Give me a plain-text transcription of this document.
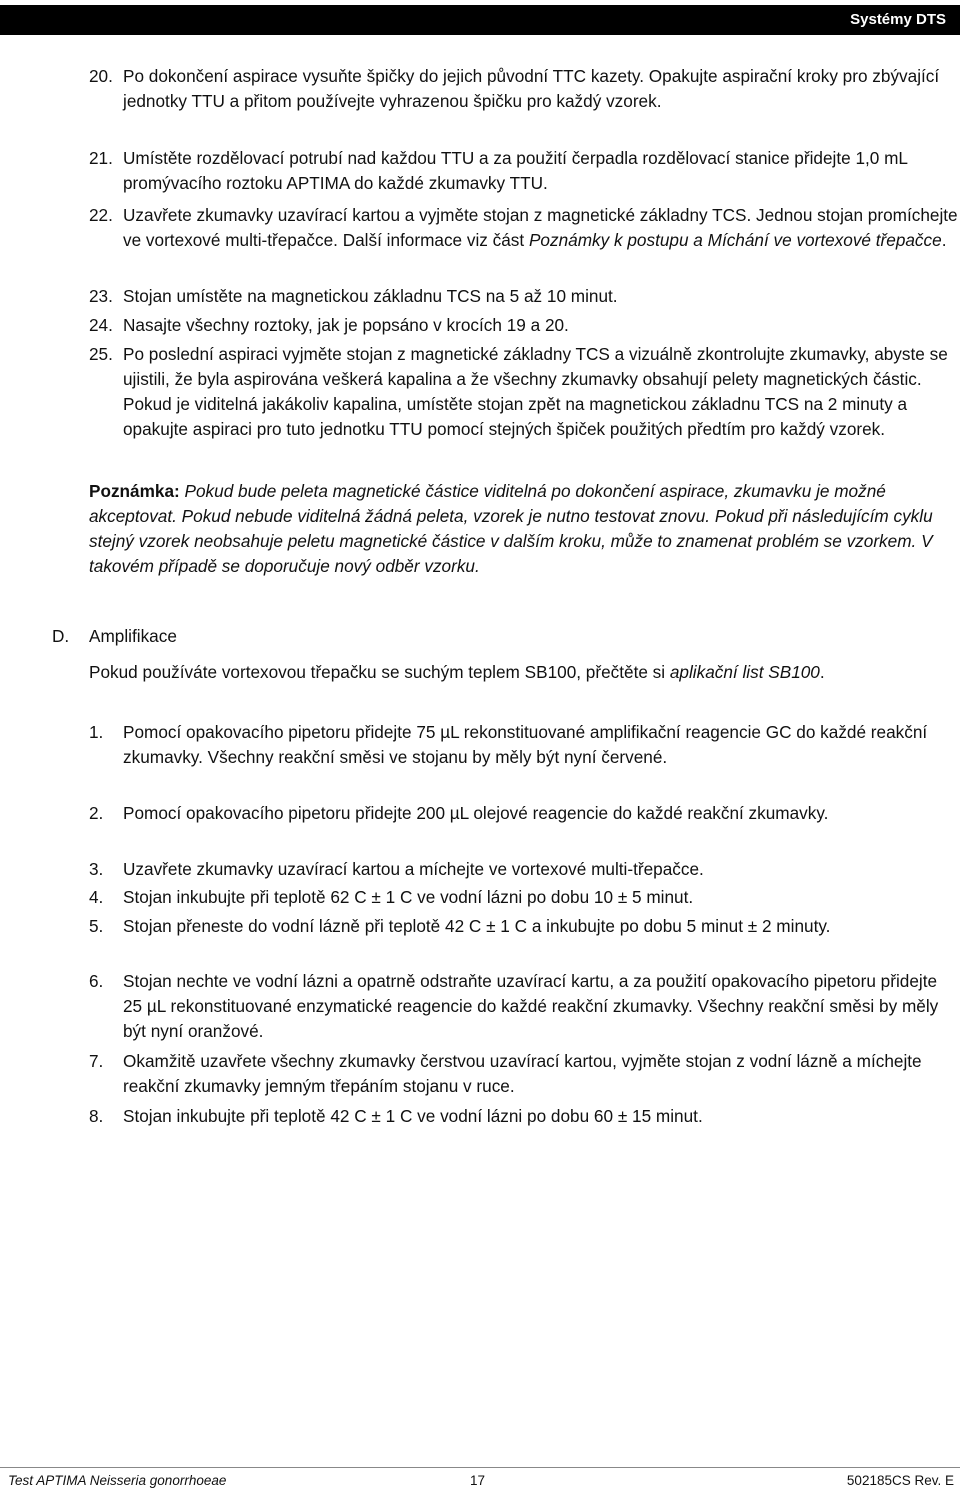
Systémy DTS
20. Po dokončení aspirace vysuňte špičky do jejich původní TTC kazety. Opakujte aspirační kroky pro zbývající jednotky TTU a přitom používejte vyhrazenou špičku pro každý vzorek.
21. Umístěte rozdělovací potrubí nad každou TTU a za použití čerpadla rozdělovací stanice přidejte 1,0 mL promývacího roztoku APTIMA do každé zkumavky TTU.
22. Uzavřete zkumavky uzavírací kartou a vyjměte stojan z magnetické základny TCS. Jednou stojan promíchejte ve vortexové multi-třepačce. Další informace viz část Poznámky k postupu a Míchání ve vortexové třepačce.
23. Stojan umístěte na magnetickou základnu TCS na 5 až 10 minut.
24. Nasajte všechny roztoky, jak je popsáno v krocích 19 a 20.
25. Po poslední aspiraci vyjměte stojan z magnetické základny TCS a vizuálně zkontrolujte zkumavky, abyste se ujistili, že byla aspirována veškerá kapalina a že všechny zkumavky obsahují pelety magnetických částic. Pokud je viditelná jakákoliv kapalina, umístěte stojan zpět na magnetickou základnu TCS na 2 minuty a opakujte aspiraci pro tuto jednotku TTU pomocí stejných špiček použitých předtím pro každý vzorek.
Poznámka: Pokud bude peleta magnetické částice viditelná po dokončení aspirace, zkumavku je možné akceptovat. Pokud nebude viditelná žádná peleta, vzorek je nutno testovat znovu. Pokud při následujícím cyklu stejný vzorek neobsahuje peletu magnetické částice v dalším kroku, může to znamenat problém se vzorkem. V takovém případě se doporučuje nový odběr vzorku.
D. Amplifikace
Pokud používáte vortexovou třepačku se suchým teplem SB100, přečtěte si aplikační list SB100.
1. Pomocí opakovacího pipetoru přidejte 75 µL rekonstituované amplifikační reagencie GC do každé reakční zkumavky. Všechny reakční směsi ve stojanu by měly být nyní červené.
2. Pomocí opakovacího pipetoru přidejte 200 µL olejové reagencie do každé reakční zkumavky.
3. Uzavřete zkumavky uzavírací kartou a míchejte ve vortexové multi-třepačce.
4. Stojan inkubujte při teplotě 62 C ± 1 C ve vodní lázni po dobu 10 ± 5 minut.
5. Stojan přeneste do vodní lázně při teplotě 42 C ± 1 C a inkubujte po dobu 5 minut ± 2 minuty.
6. Stojan nechte ve vodní lázni a opatrně odstraňte uzavírací kartu, a za použití opakovacího pipetoru přidejte 25 µL rekonstituované enzymatické reagencie do každé reakční zkumavky. Všechny reakční směsi by měly být nyní oranžové.
7. Okamžitě uzavřete všechny zkumavky čerstvou uzavírací kartou, vyjměte stojan z vodní lázně a míchejte reakční zkumavky jemným třepáním stojanu v ruce.
8. Stojan inkubujte při teplotě 42 C ± 1 C ve vodní lázni po dobu 60 ± 15 minut.
Test APTIMA Neisseria gonorrhoeae	17	502185CS Rev. E
